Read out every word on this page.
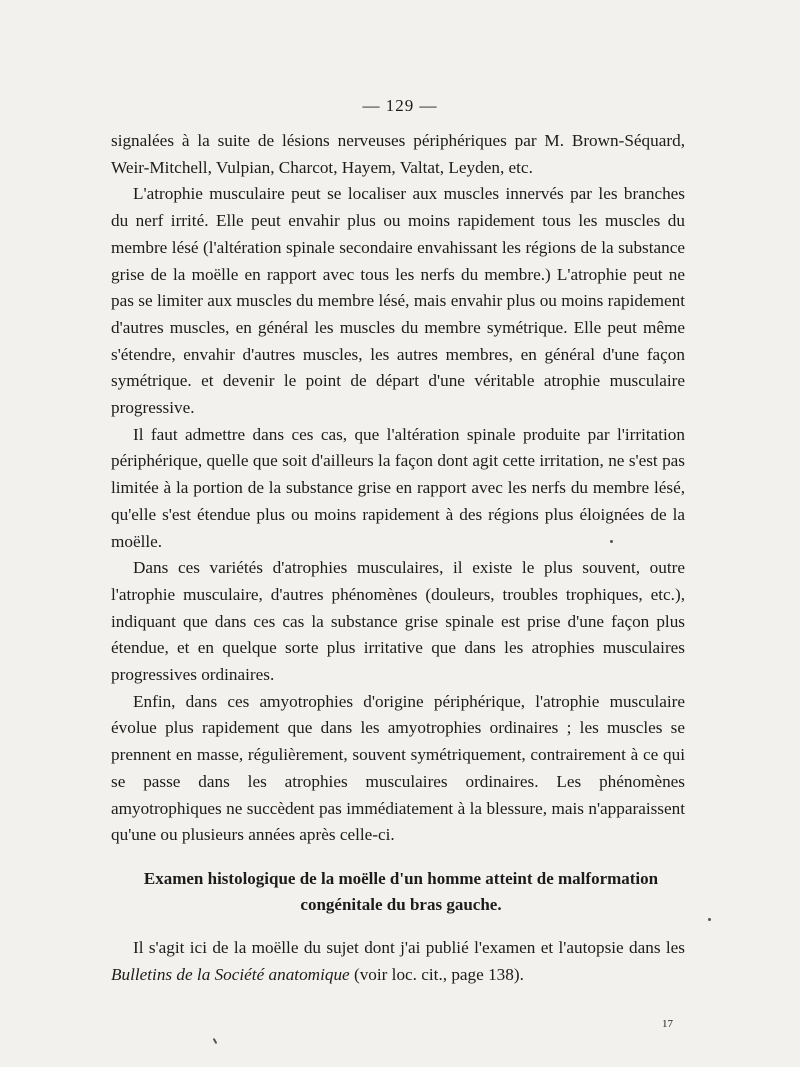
— 129 —

signalées à la suite de lésions nerveuses périphériques par M. Brown-Séquard, Weir-Mitchell, Vulpian, Charcot, Hayem, Valtat, Leyden, etc.

L'atrophie musculaire peut se localiser aux muscles innervés par les branches du nerf irrité. Elle peut envahir plus ou moins rapidement tous les muscles du membre lésé (l'altération spinale secondaire envahissant les régions de la substance grise de la moëlle en rapport avec tous les nerfs du membre.) L'atrophie peut ne pas se limiter aux muscles du membre lésé, mais envahir plus ou moins rapidement d'autres muscles, en général les muscles du membre symétrique. Elle peut même s'étendre, envahir d'autres muscles, les autres membres, en général d'une façon symétrique. et devenir le point de départ d'une véritable atrophie musculaire progressive.

Il faut admettre dans ces cas, que l'altération spinale produite par l'irritation périphérique, quelle que soit d'ailleurs la façon dont agit cette irritation, ne s'est pas limitée à la portion de la substance grise en rapport avec les nerfs du membre lésé, qu'elle s'est étendue plus ou moins rapidement à des régions plus éloignées de la moëlle.

Dans ces variétés d'atrophies musculaires, il existe le plus souvent, outre l'atrophie musculaire, d'autres phénomènes (douleurs, troubles trophiques, etc.), indiquant que dans ces cas la substance grise spinale est prise d'une façon plus étendue, et en quelque sorte plus irritative que dans les atrophies musculaires progressives ordinaires.

Enfin, dans ces amyotrophies d'origine périphérique, l'atrophie musculaire évolue plus rapidement que dans les amyotrophies ordinaires ; les muscles se prennent en masse, régulièrement, souvent symétriquement, contrairement à ce qui se passe dans les atrophies musculaires ordinaires. Les phénomènes amyotrophiques ne succèdent pas immédiatement à la blessure, mais n'apparaissent qu'une ou plusieurs années après celle-ci.

Examen histologique de la moëlle d'un homme atteint de malformation congénitale du bras gauche.

Il s'agit ici de la moëlle du sujet dont j'ai publié l'examen et l'autopsie dans les Bulletins de la Société anatomique (voir loc. cit., page 138).

17
